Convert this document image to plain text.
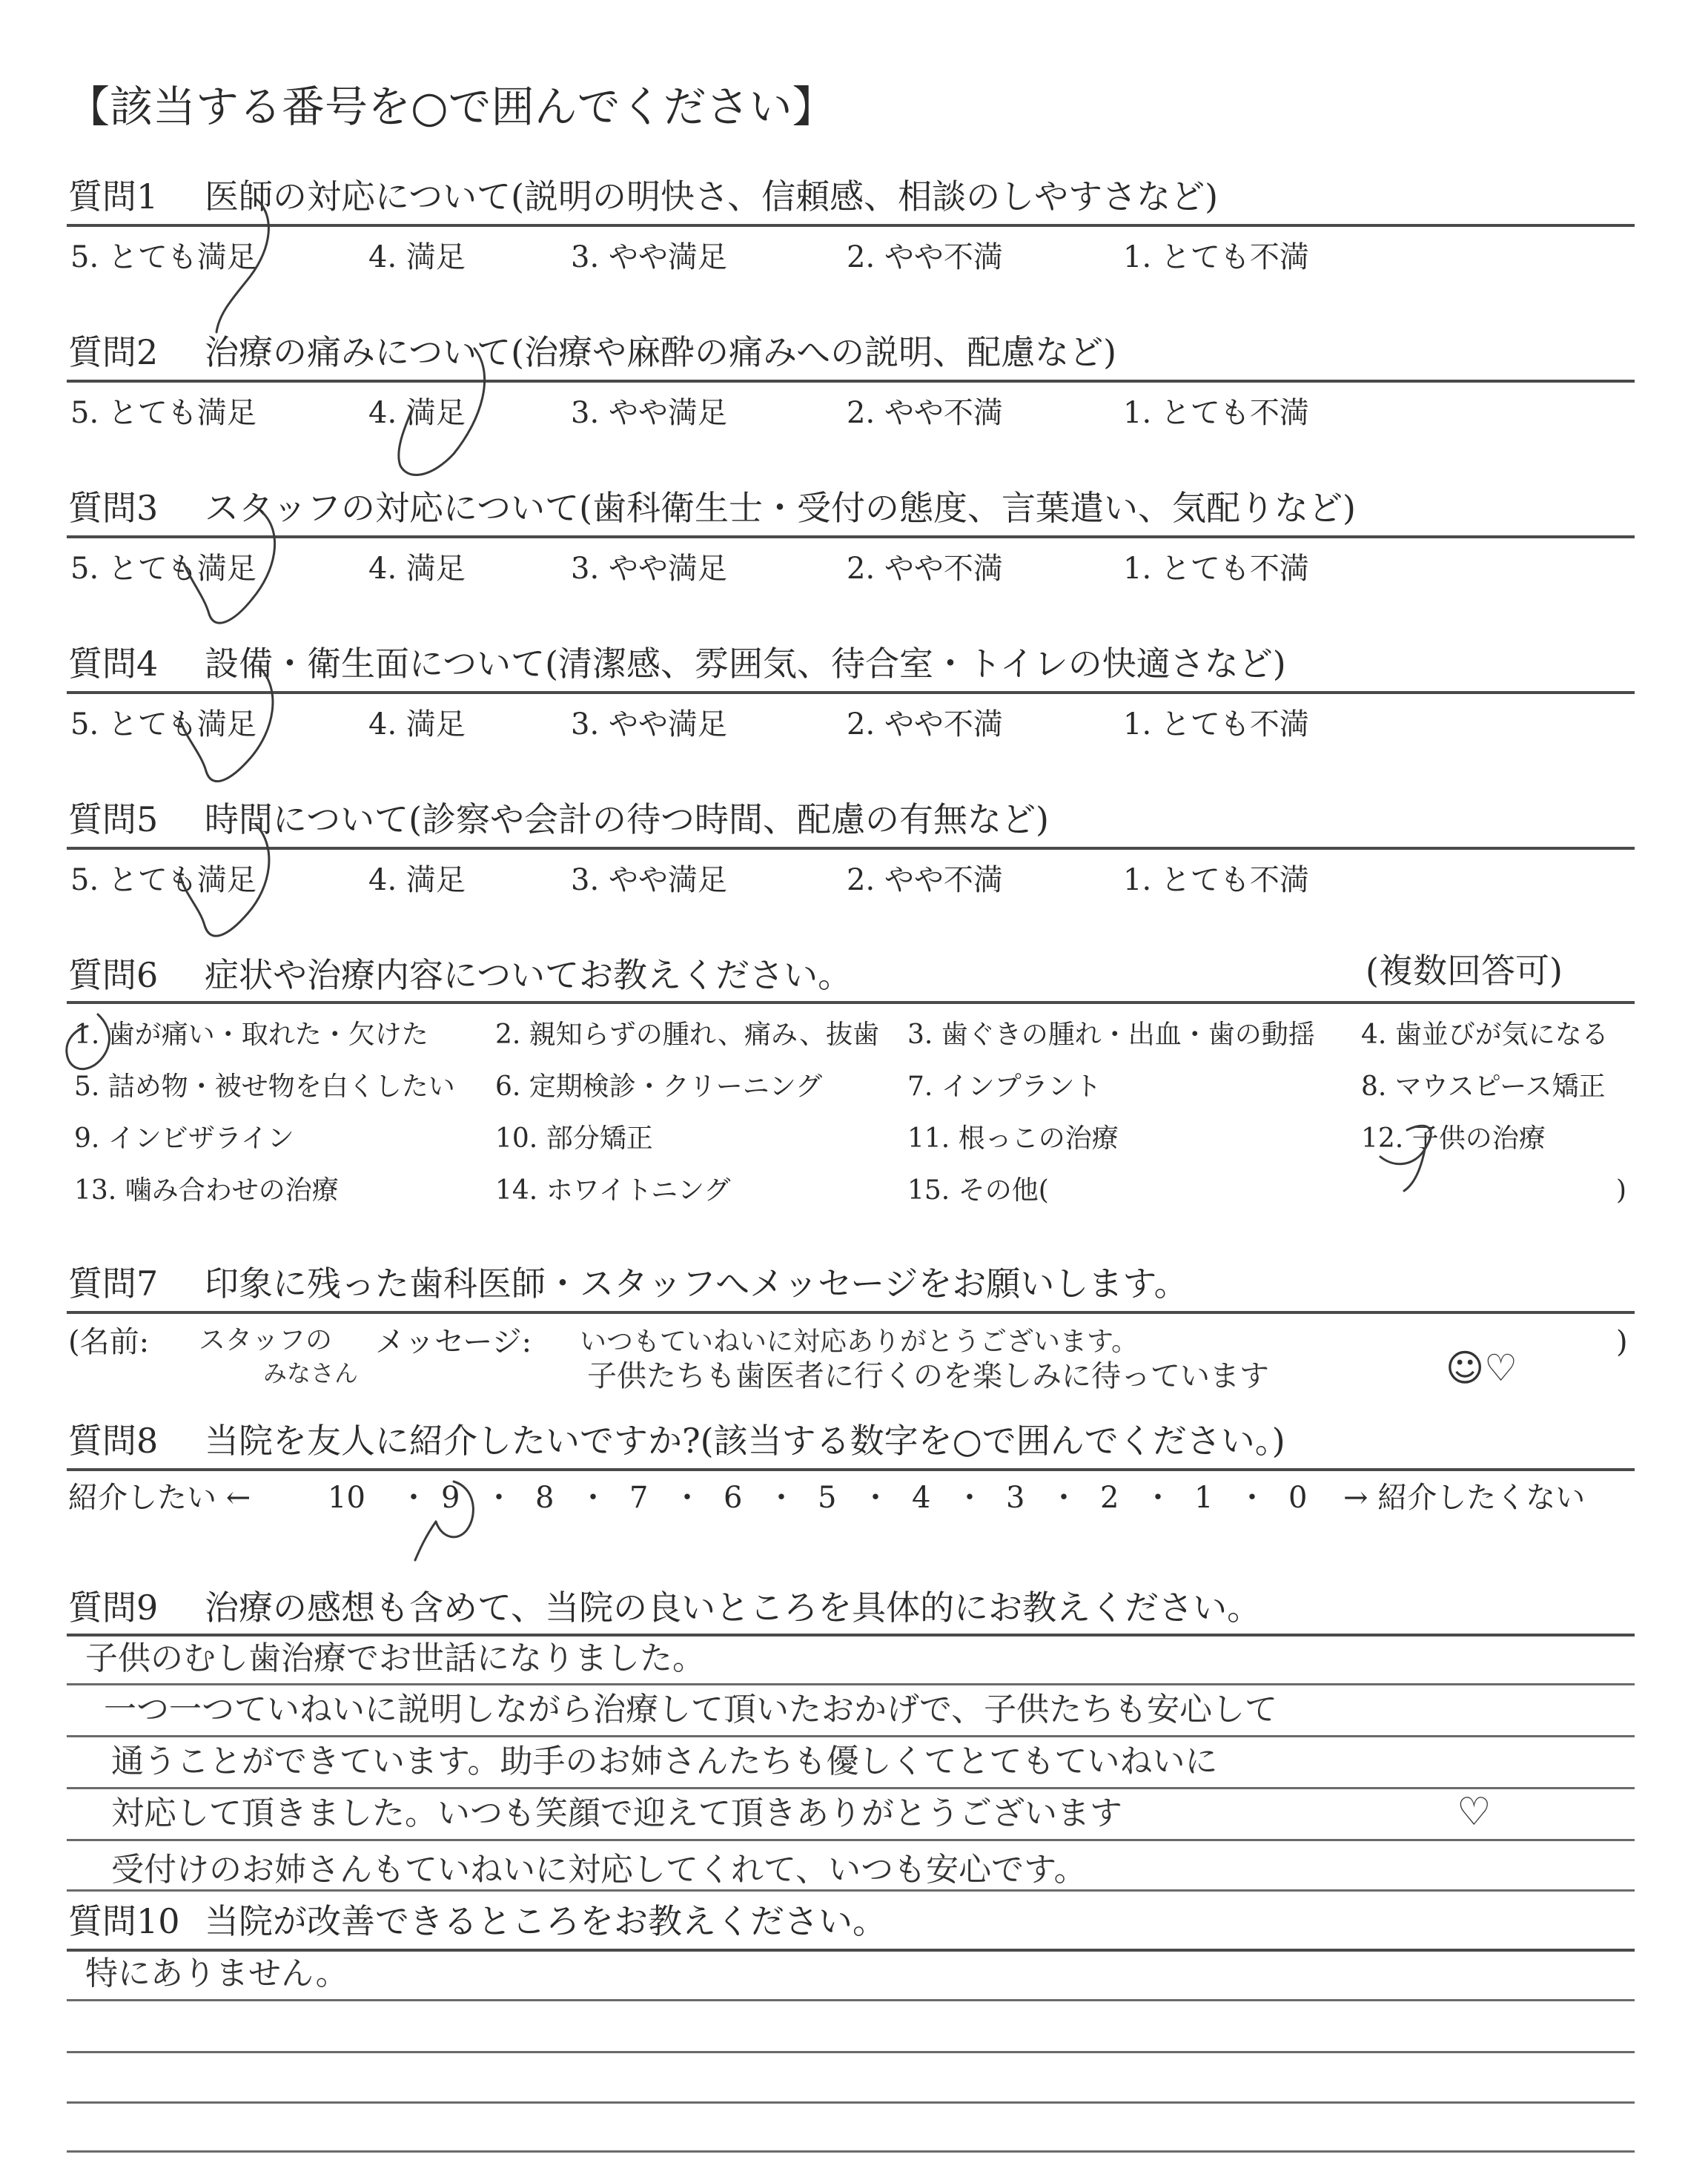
【該当する番号を○で囲んでください】
質問1 医師の対応について(説明の明快さ、信頼感、相談のしやすさなど)
5. とても満足	4. 満足	3. やや満足	2. やや不満	1. とても不満
質問2 治療の痛みについて(治療や麻酔の痛みへの説明、配慮など)
5. とても満足	4. 満足	3. やや満足	2. やや不満	1. とても不満
質問3 スタッフの対応について(歯科衛生士・受付の態度、言葉遣い、気配りなど)
5. とても満足	4. 満足	3. やや満足	2. やや不満	1. とても不満
質問4 設備・衛生面について(清潔感、雰囲気、待合室・トイレの快適さなど)
5. とても満足	4. 満足	3. やや満足	2. やや不満	1. とても不満
質問5 時間について(診察や会計の待つ時間、配慮の有無など)
5. とても満足	4. 満足	3. やや満足	2. やや不満	1. とても不満
質問6 症状や治療内容についてお教えください。	(複数回答可)
1. 歯が痛い・取れた・欠けた	2. 親知らずの腫れ、痛み、抜歯 3. 歯ぐきの腫れ・出血・歯の動揺 4. 歯並びが気になる
5. 詰め物・被せ物を白くしたい 6. 定期検診・クリーニング	7. インプラント	8. マウスピース矯正
9. インビザライン	10. 部分矯正	11. 根っこの治療	12. 子供の治療
13. 噛み合わせの治療	14. ホワイトニング	15. その他(	)
質問7 印象に残った歯科医師・スタッフへメッセージをお願いします。
(名前: スタッフの
みなさん
メッセージ: いつもていねいに対応ありがとうございます。
子供たちも歯医者に行くのを楽しみに待っています	☺♡
)
質問8 当院を友人に紹介したいですか?(該当する数字を○で囲んでください。)
紹介したい ←	10 ・ 9 ・ 8 ・ 7 ・ 6 ・ 5 ・ 4 ・ 3 ・ 2 ・ 1 ・ 0 → 紹介したくない
質問9 治療の感想も含めて、当院の良いところを具体的にお教えください。
子供のむし歯治療でお世話になりました。
一つ一つていねいに説明しながら治療して頂いたおかげで、子供たちも安心して
通うことができています。助手のお姉さんたちも優しくてとてもていねいに
対応して頂きました。いつも笑顔で迎えて頂きありがとうございます	♡
受付けのお姉さんもていねいに対応してくれて、いつも安心です。
質問10 当院が改善できるところをお教えください。
特にありません。
